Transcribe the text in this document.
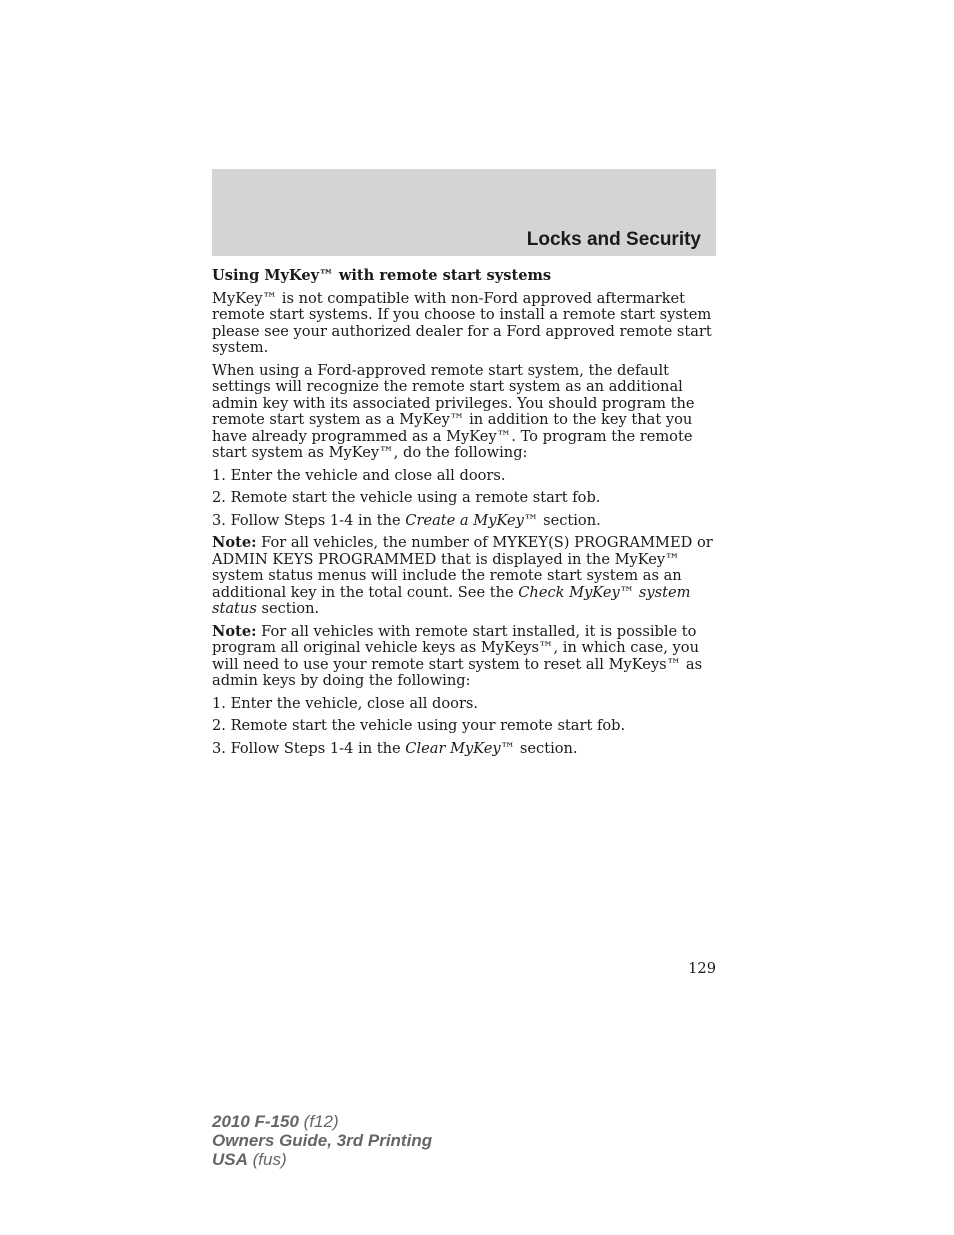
Locks and Security

Using MyKey™ with remote start systems

MyKey™ is not compatible with non-Ford approved aftermarket remote start systems. If you choose to install a remote start system please see your authorized dealer for a Ford approved remote start system.

When using a Ford-approved remote start system, the default settings will recognize the remote start system as an additional admin key with its associated privileges. You should program the remote start system as a MyKey™ in addition to the key that you have already programmed as a MyKey™. To program the remote start system as MyKey™, do the following:

1. Enter the vehicle and close all doors.

2. Remote start the vehicle using a remote start fob.

3. Follow Steps 1-4 in the Create a MyKey™ section.

Note: For all vehicles, the number of MYKEY(S) PROGRAMMED or ADMIN KEYS PROGRAMMED that is displayed in the MyKey™ system status menus will include the remote start system as an additional key in the total count. See the Check MyKey™ system status section.

Note: For all vehicles with remote start installed, it is possible to program all original vehicle keys as MyKeys™, in which case, you will need to use your remote start system to reset all MyKeys™ as admin keys by doing the following:

1. Enter the vehicle, close all doors.

2. Remote start the vehicle using your remote start fob.

3. Follow Steps 1-4 in the Clear MyKey™ section.

129
2010 F-150 (f12)
Owners Guide, 3rd Printing
USA (fus)
